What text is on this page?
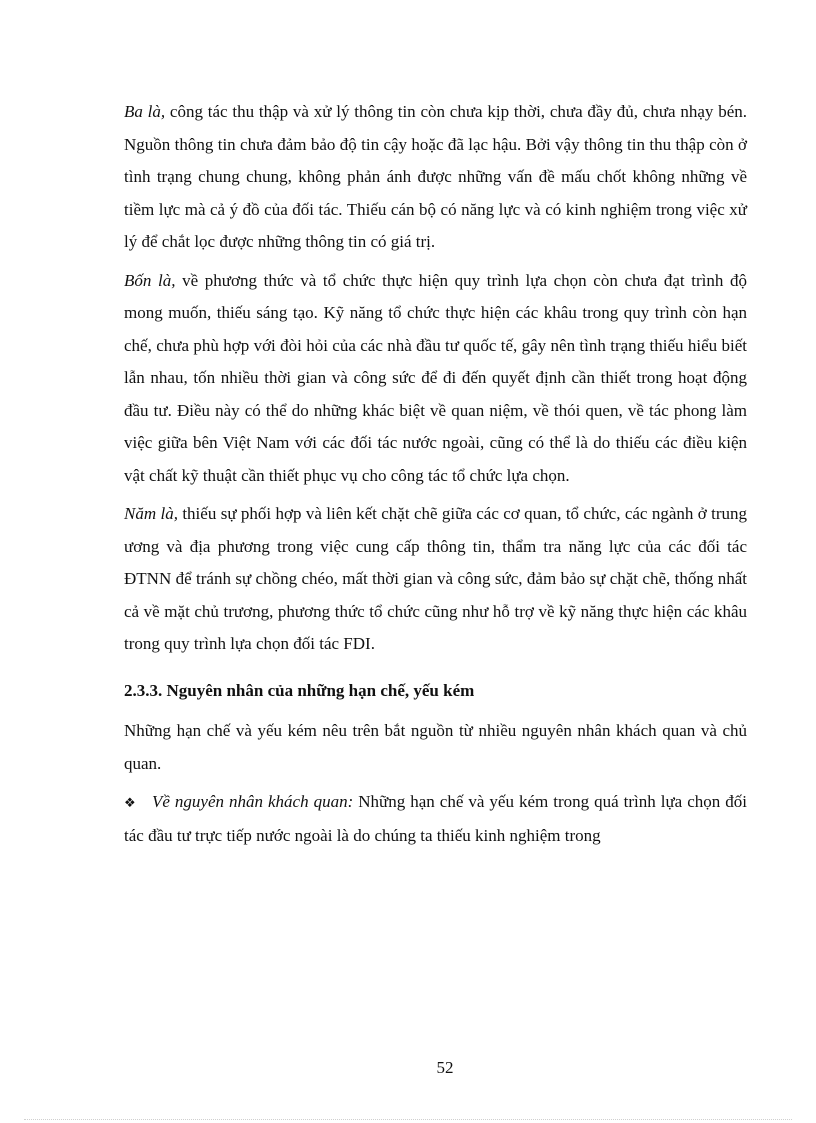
Ba là, công tác thu thập và xử lý thông tin còn chưa kịp thời, chưa đầy đủ, chưa nhạy bén. Nguồn thông tin chưa đảm bảo độ tin cậy hoặc đã lạc hậu. Bởi vậy thông tin thu thập còn ở tình trạng chung chung, không phản ánh được những vấn đề mấu chốt không những về tiềm lực mà cả ý đồ của đối tác. Thiếu cán bộ có năng lực và có kinh nghiệm trong việc xử lý để chắt lọc được những thông tin có giá trị.

Bốn là, về phương thức và tổ chức thực hiện quy trình lựa chọn còn chưa đạt trình độ mong muốn, thiếu sáng tạo. Kỹ năng tổ chức thực hiện các khâu trong quy trình còn hạn chế, chưa phù hợp với đòi hỏi của các nhà đầu tư quốc tế, gây nên tình trạng thiếu hiểu biết lẫn nhau, tốn nhiều thời gian và công sức để đi đến quyết định cần thiết trong hoạt động đầu tư. Điều này có thể do những khác biệt về quan niệm, về thói quen, về tác phong làm việc giữa bên Việt Nam với các đối tác nước ngoài, cũng có thể là do thiếu các điều kiện vật chất kỹ thuật cần thiết phục vụ cho công tác tổ chức lựa chọn.

Năm là, thiếu sự phối hợp và liên kết chặt chẽ giữa các cơ quan, tổ chức, các ngành ở trung ương và địa phương trong việc cung cấp thông tin, thẩm tra năng lực của các đối tác ĐTNN để tránh sự chồng chéo, mất thời gian và công sức, đảm bảo sự chặt chẽ, thống nhất cả về mặt chủ trương, phương thức tổ chức cũng như hỗ trợ về kỹ năng thực hiện các khâu trong quy trình lựa chọn đối tác FDI.

2.3.3. Nguyên nhân của những hạn chế, yếu kém

Những hạn chế và yếu kém nêu trên bắt nguồn từ nhiều nguyên nhân khách quan và chủ quan.

❖ Về nguyên nhân khách quan: Những hạn chế và yếu kém trong quá trình lựa chọn đối tác đầu tư trực tiếp nước ngoài là do chúng ta thiếu kinh nghiệm trong

52
